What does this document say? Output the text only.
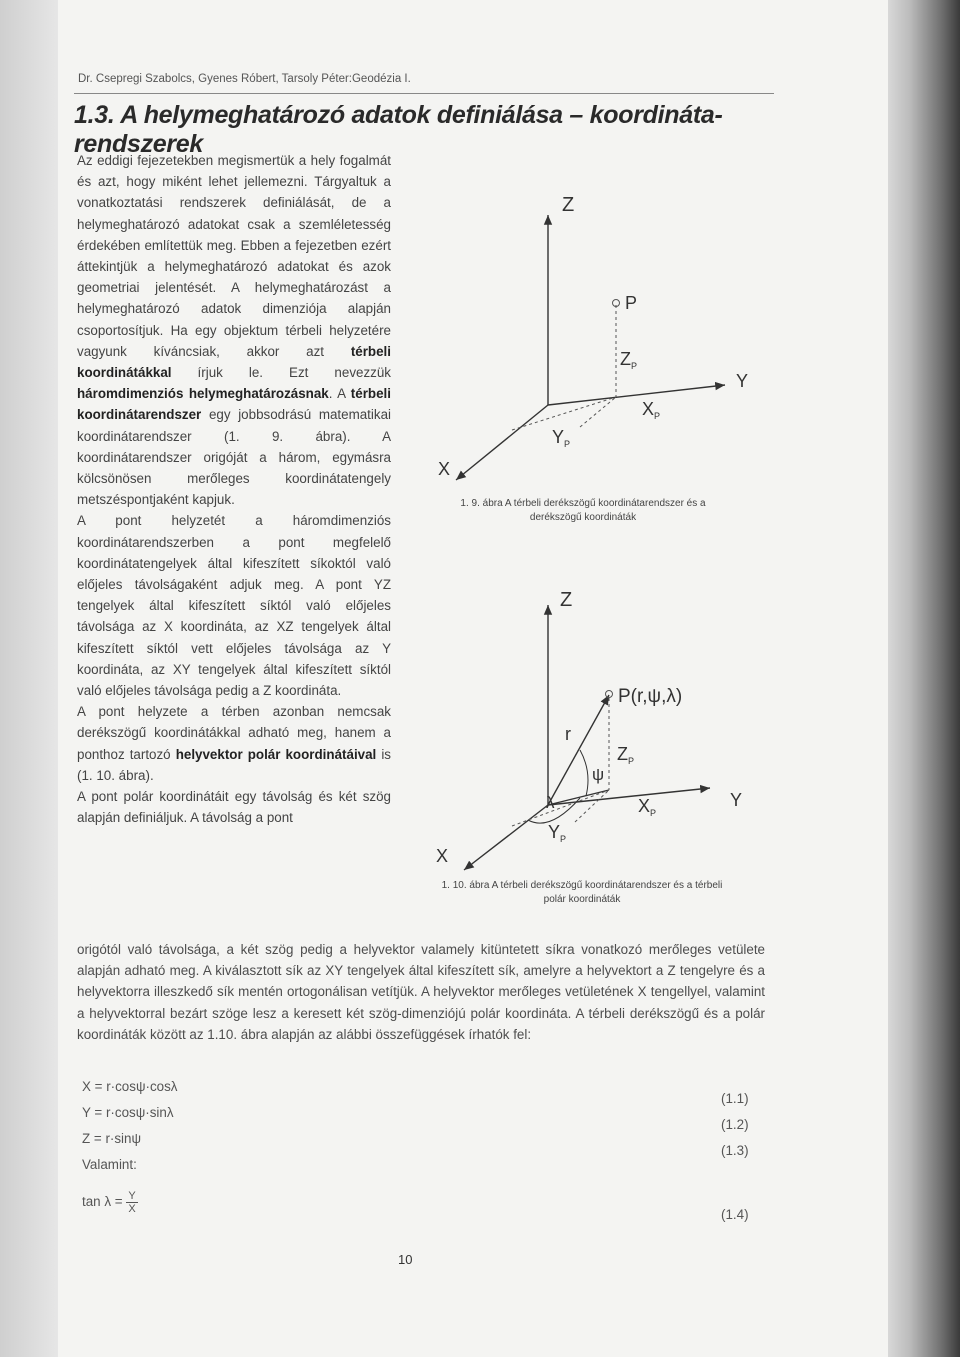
Dr. Csepregi Szabolcs, Gyenes Róbert, Tarsoly Péter:Geodézia I.
1.3. A helymeghatározó adatok definiálása – koordináta-rendszerek

Az eddigi fejezetekben megismertük a hely fogalmát és azt, hogy miként lehet jellemezni. Tárgyaltuk a vonatkoztatási rendszerek definiálását, de a helymeghatározó adatokat csak a szemléletesség érdekében említettük meg. Ebben a fejezetben ezért áttekintjük a helymeghatározó adatokat és azok geometriai jelentését. A helymeghatározást a helymeghatározó adatok dimenziója alapján csoportosítjuk. Ha egy objektum térbeli helyzetére vagyunk kíváncsiak, akkor azt térbeli koordinátákkal írjuk le. Ezt nevezzük háromdimenziós helymeghatározásnak. A térbeli koordinátarendszer egy jobbsodrású matematikai koordinátarendszer (1. 9. ábra). A koordinátarendszer origóját a három, egymásra kölcsönösen merőleges koordinátatengely metszéspontjaként kapjuk.

A pont helyzetét a háromdimenziós koordinátarendszerben a pont megfelelő koordinátatengelyek által kifeszített síkoktól való előjeles távolságaként adjuk meg. A pont YZ tengelyek által kifeszített síktól való előjeles távolsága az X koordináta, az XZ tengelyek által kifeszített síktól vett előjeles távolsága az Y koordináta, az XY tengelyek által kifeszített síktól való előjeles távolsága pedig a Z koordináta.

A pont helyzete a térben azonban nemcsak derékszögű koordinátákkal adható meg, hanem a ponthoz tartozó helyvektor polár koordinátáival is (1. 10. ábra).

A pont polár koordinátáit egy távolság és két szög alapján definiáljuk. A távolság a pont

origótól való távolsága, a két szög pedig a helyvektor valamely kitüntetett síkra vonatkozó merőleges vetülete alapján adható meg. A kiválasztott sík az XY tengelyek által kifeszített sík, amelyre a helyvektort a Z tengelyre és a helyvektorra illeszkedő sík mentén ortogonálisan vetítjük. A helyvektor merőleges vetületének X tengellyel, valamint a helyvektorral bezárt szöge lesz a keresett két szög-dimenziójú polár koordináta. A térbeli derékszögű és a polár koordináták között az 1.10. ábra alapján az alábbi összefüggések írhatók fel:

Z
Y
X
P
$Z_P$
$X_P$
$Y_P$
1. 9. ábra A térbeli derékszögű koordinátarendszer és a
derékszögű koordináták
Z
Y
X
P(r,ψ,λ)
r
ψ
λ
$Z_P$
$X_P$
$Y_P$
1. 10. ábra A térbeli derékszögű koordinátarendszer és a térbeli
polár koordináták
X = r·cosψ·cosλ
(1.1)
Y = r·cosψ·sinλ
(1.2)
Z = r·sinψ
(1.3)
Valamint:
$\tan \lambda = \frac{Y}{X}$	(1.4)
10
